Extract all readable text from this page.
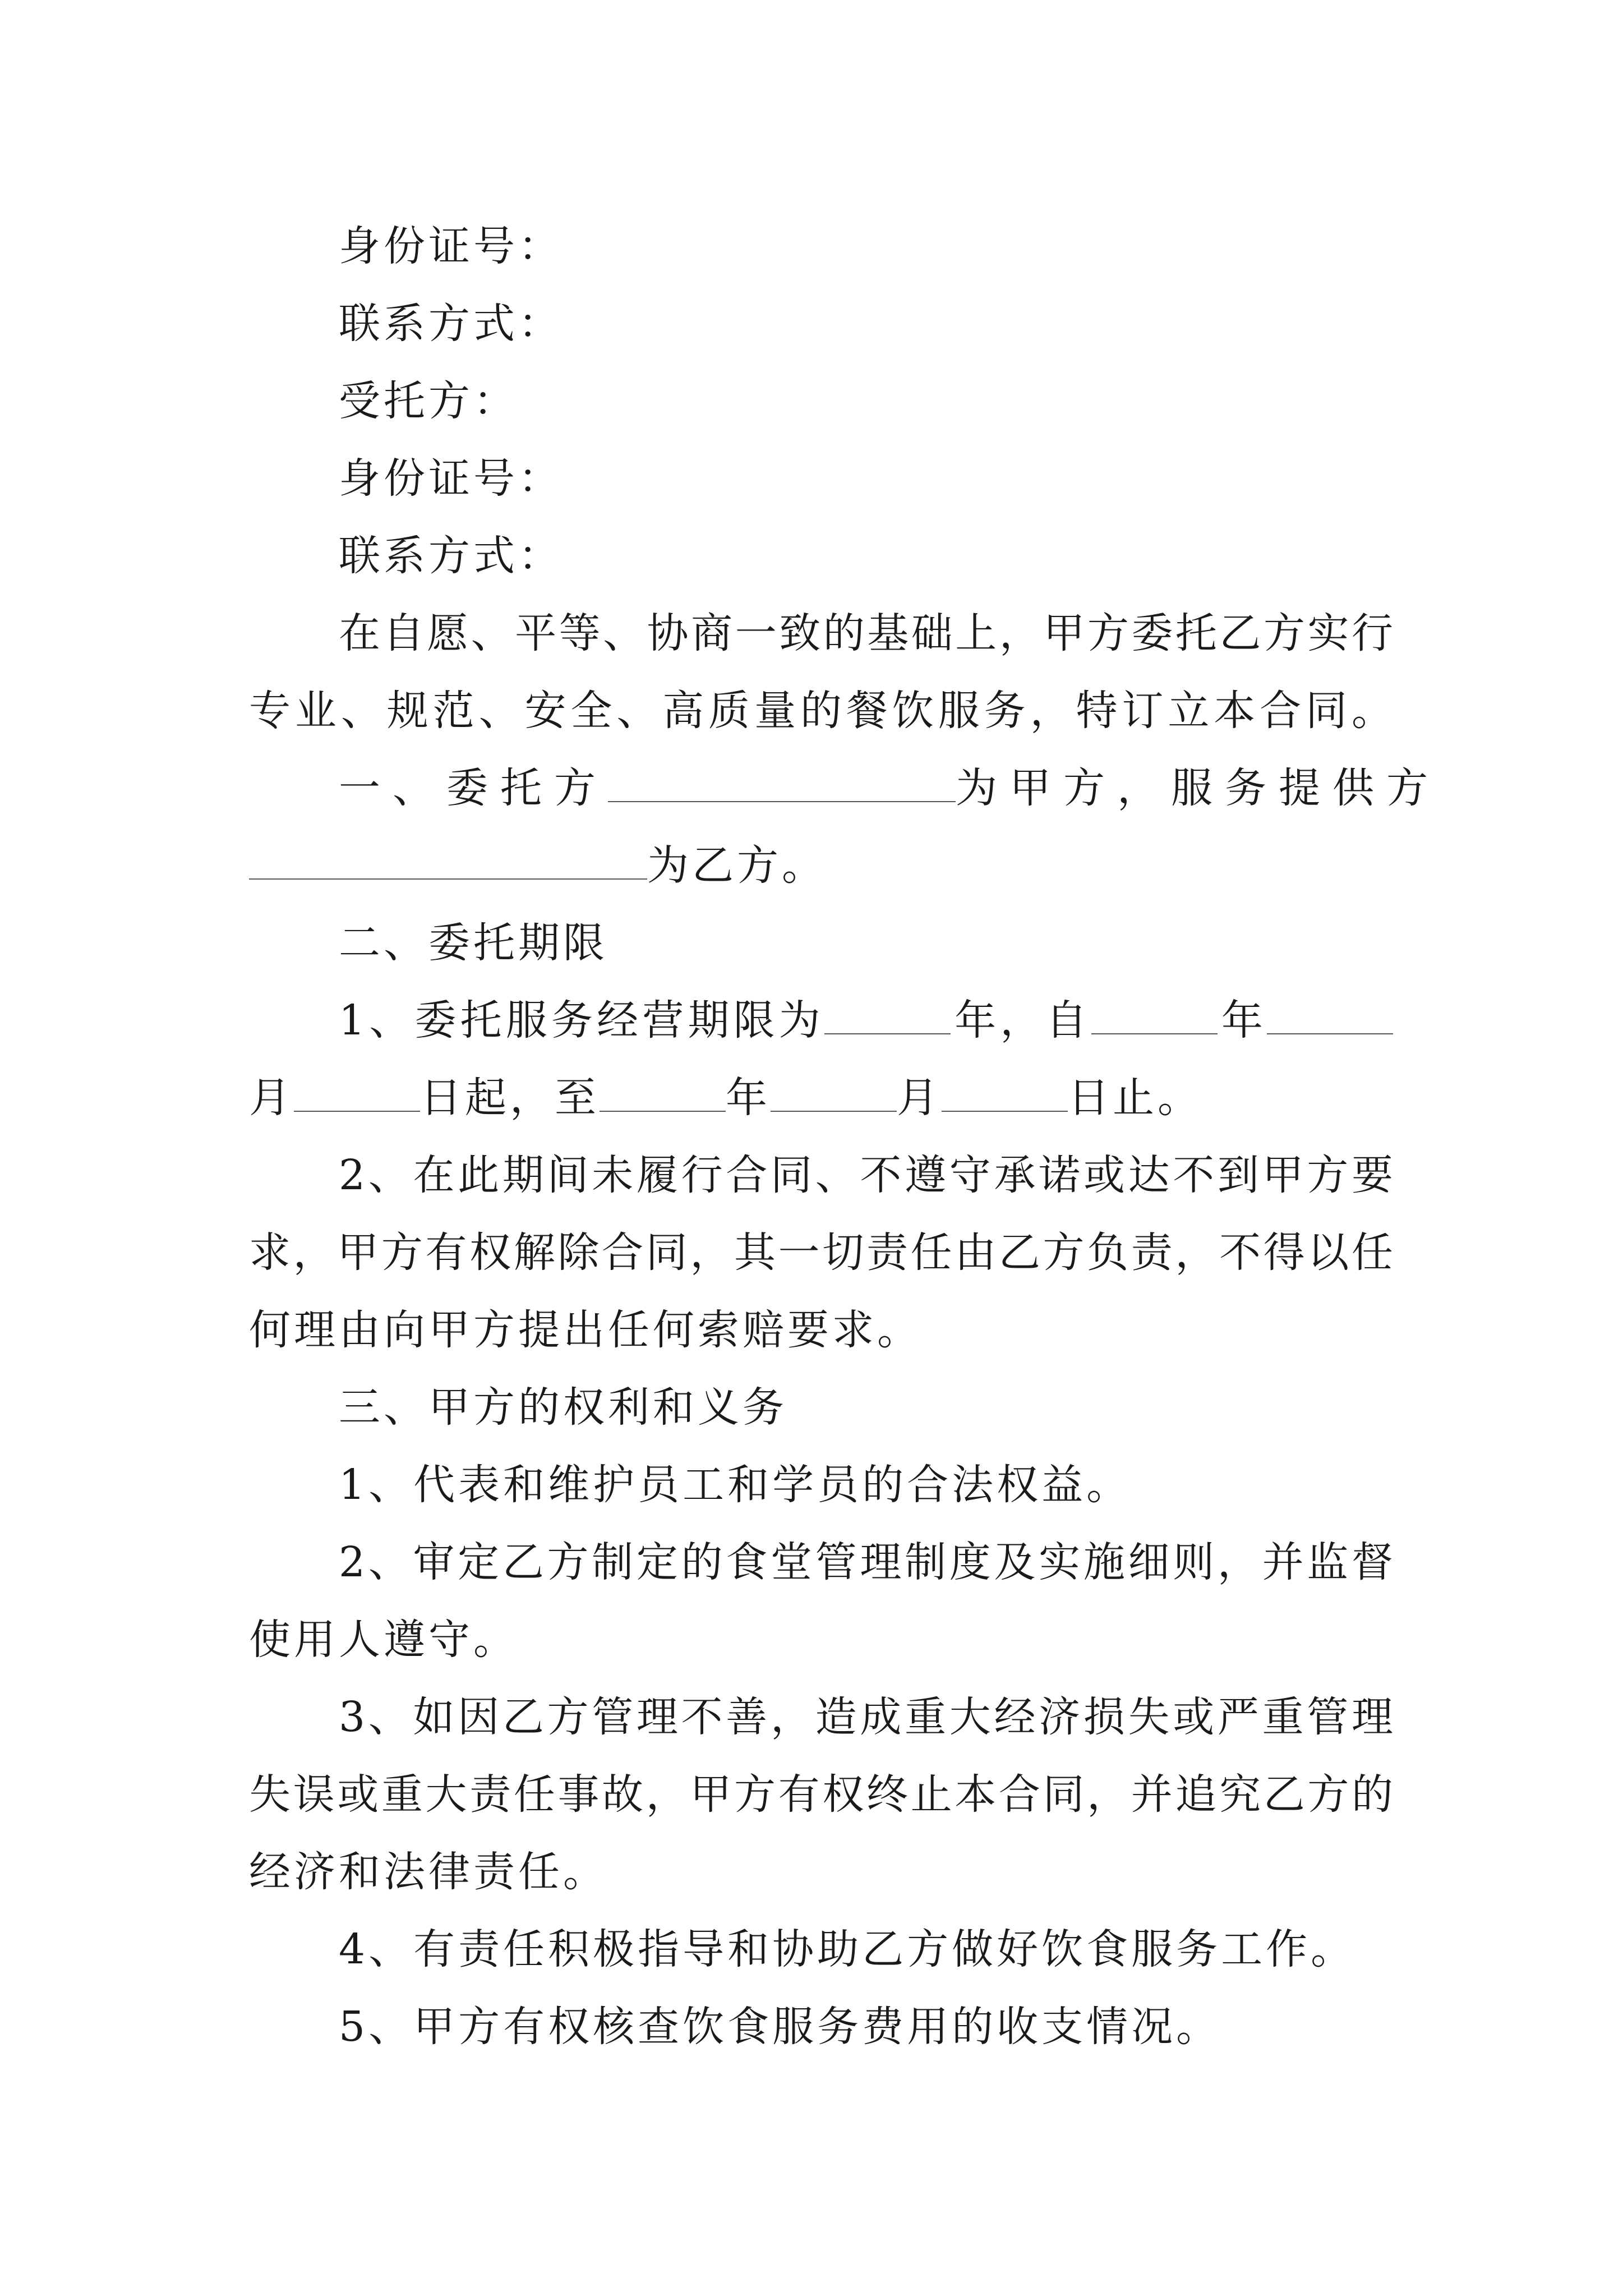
身份证号：
联系方式：
受托方：
身份证号：
联系方式：
在自愿、平等、协商一致的基础上，甲方委托乙方实行
专业、规范、安全、高质量的餐饮服务，特订立本合同。
一、委托方	为甲方，服务提供方
为乙方。
二、委托期限
1、委托服务经营期限为	年，自	年
月	日起，至	年	月	日止。
2、在此期间未履行合同、不遵守承诺或达不到甲方要
求，甲方有权解除合同，其一切责任由乙方负责，不得以任
何理由向甲方提出任何索赔要求。
三、甲方的权利和义务
1、代表和维护员工和学员的合法权益。
2、审定乙方制定的食堂管理制度及实施细则，并监督
使用人遵守。
3、如因乙方管理不善，造成重大经济损失或严重管理
失误或重大责任事故，甲方有权终止本合同，并追究乙方的
经济和法律责任。
4、有责任积极指导和协助乙方做好饮食服务工作。
5、甲方有权核查饮食服务费用的收支情况。
